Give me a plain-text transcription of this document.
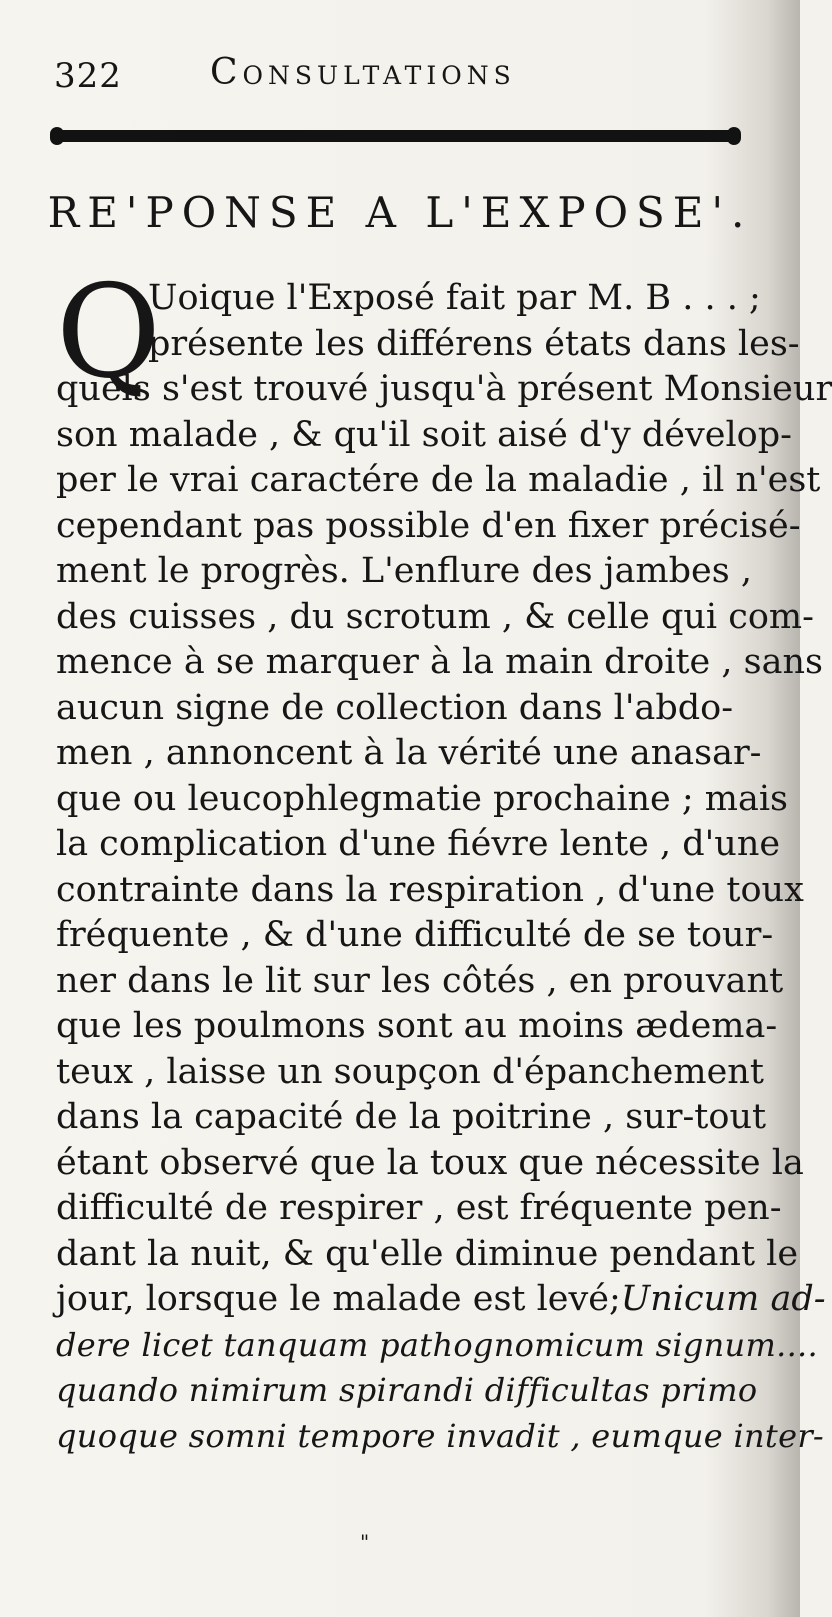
322 Consultations
RE'PONSE A L'EXPOSE'.
Q
Uoique l'Exposé fait par M. B . . . ;
présente les différens états dans les-
quels s'est trouvé jusqu'à présent Monsieur
son malade , & qu'il soit aisé d'y dévelop-
per le vrai caractére de la maladie , il n'est
cependant pas possible d'en fixer précisé-
ment le progrès. L'enflure des jambes ,
des cuisses , du scrotum , & celle qui com-
mence à se marquer à la main droite , sans
aucun signe de collection dans l'abdo-
men , annoncent à la vérité une anasar-
que ou leucophlegmatie prochaine ; mais
la complication d'une fiévre lente , d'une
contrainte dans la respiration , d'une toux
fréquente , & d'une difficulté de se tour-
ner dans le lit sur les côtés , en prouvant
que les poulmons sont au moins ædema-
teux , laisse un soupçon d'épanchement
dans la capacité de la poitrine , sur-tout
étant observé que la toux que nécessite la
difficulté de respirer , est fréquente pen-
dant la nuit, & qu'elle diminue pendant le
jour, lorsque le malade est levé;Unicum ad-
dere licet tanquam pathognomicum signum....
quando nimirum spirandi difficultas primo
quoque somni tempore invadit , eumque inter-
"
